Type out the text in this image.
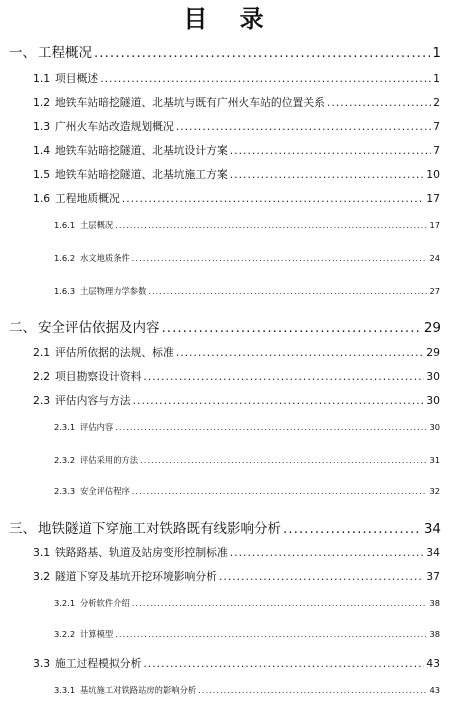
目 录
一、 工程概况 .....	1
1.1 项目概述 .....	1
1.2 地铁车站暗挖隧道、北基坑与既有广州火车站的位置关系 .....	2
1.3 广州火车站改造规划概况 .....	7
1.4 地铁车站暗挖隧道、北基坑设计方案 .....	7
1.5 地铁车站暗挖隧道、北基坑施工方案 .....	10
1.6 工程地质概况 .....	17
1.6.1 土层概况 .....	17
1.6.2 水文地质条件 .....	24
1.6.3 土层物理力学参数 .....	27
二、 安全评估依据及内容 .....	29
2.1 评估所依据的法规、标准 .....	29
2.2 项目勘察设计资料 .....	30
2.3 评估内容与方法 .....	30
2.3.1 评估内容 .....	30
2.3.2 评估采用的方法 .....	31
2.3.3 安全评估程序 .....	32
三、 地铁隧道下穿施工对铁路既有线影响分析 .....	34
3.1 铁路路基、轨道及站房变形控制标准 .....	34
3.2 隧道下穿及基坑开挖环境影响分析 .....	37
3.2.1 分析软件介绍 .....	38
3.2.2 计算模型 .....	38
3.3 施工过程模拟分析 .....	43
3.3.1 基坑施工对铁路站房的影响分析 .....	43
